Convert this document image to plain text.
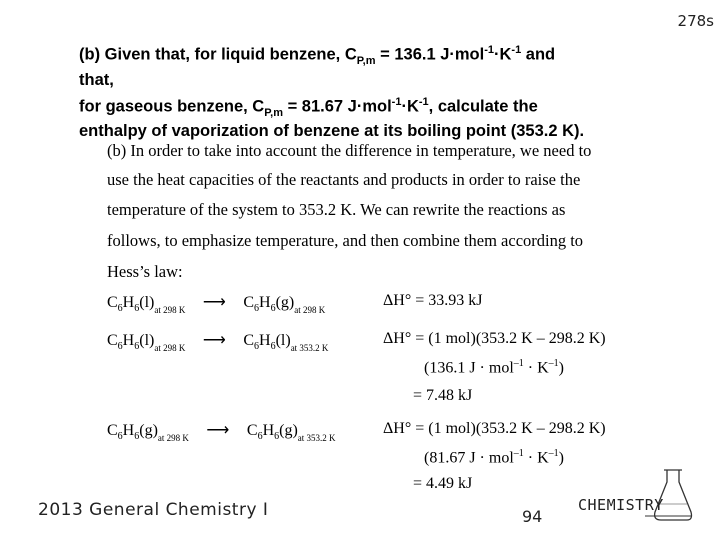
278s
(b) Given that, for liquid benzene, $C_{P,m} = 136.1$ $J\cdot mol^{-1}\cdot K^{-1}$ and
that,
for gaseous benzene, $C_{P,m} = 81.67$ $J\cdot mol^{-1}\cdot K^{-1}$, calculate the
enthalpy of vaporization of benzene at its boiling point (353.2 K).
(b) In order to take into account the difference in temperature, we need to
use the heat capacities of the reactants and products in order to raise the
temperature of the system to 353.2 K. We can rewrite the reactions as
follows, to emphasize temperature, and then combine them according to
Hess’s law:
$C_6H_6(l)_{at 298 K}$ ⟶ $C_6H_6(g)_{at 298 K}$
ΔH° = 33.93 kJ
$C_6H_6(l)_{at 298 K}$ ⟶ $C_6H_6(l)_{at 353.2 K}$
ΔH° = (1 mol)(353.2 K – 298.2 K)
(136.1 $J \cdot mol^{-1} \cdot K^{-1}$)
= 7.48 kJ
$C_6H_6(g)_{at 298 K}$ ⟶ $C_6H_6(g)_{at 353.2 K}$
ΔH° = (1 mol)(353.2 K – 298.2 K)
(81.67 $J \cdot mol^{-1} \cdot K^{-1}$)
= 4.49 kJ
2013 General Chemistry I	94
CHEMISTRY
